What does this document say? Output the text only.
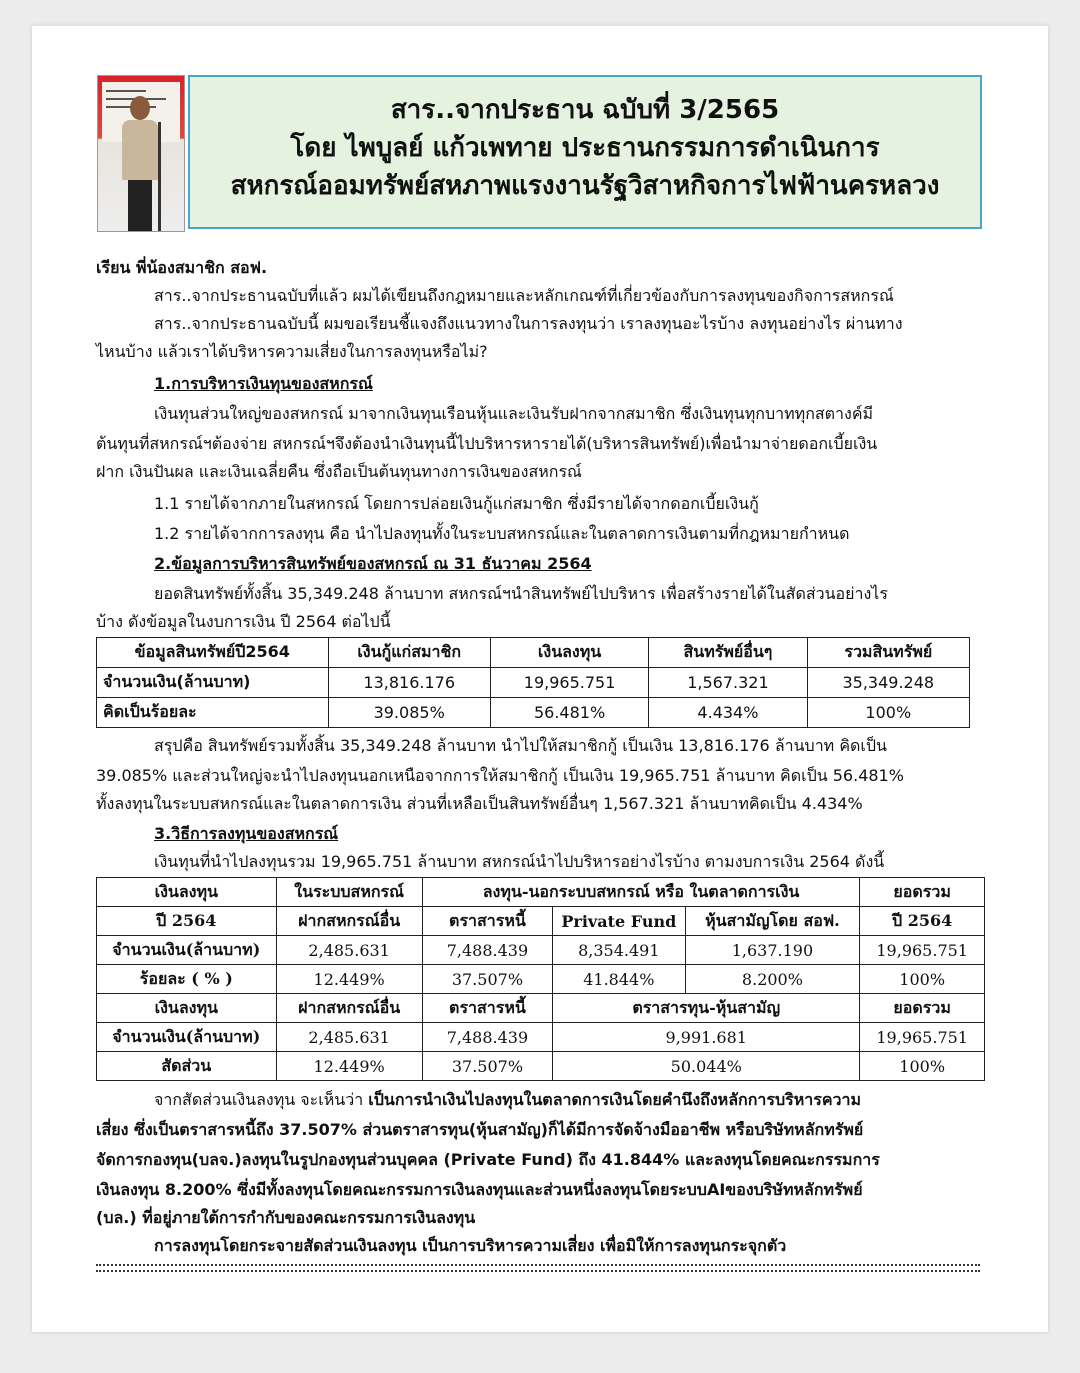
สาร..จากประธาน ฉบับที่ 3/2565
โดย ไพบูลย์ แก้วเพทาย ประธานกรรมการดำเนินการ
สหกรณ์ออมทรัพย์สหภาพแรงงานรัฐวิสาหกิจการไฟฟ้านครหลวง
เรียน พี่น้องสมาชิก สอฟ.
สาร..จากประธานฉบับที่แล้ว ผมได้เขียนถึงกฎหมายและหลักเกณฑ์ที่เกี่ยวข้องกับการลงทุนของกิจการสหกรณ์
สาร..จากประธานฉบับนี้ ผมขอเรียนชี้แจงถึงแนวทางในการลงทุนว่า เราลงทุนอะไรบ้าง ลงทุนอย่างไร ผ่านทาง
ไหนบ้าง แล้วเราได้บริหารความเสี่ยงในการลงทุนหรือไม่?
1.การบริหารเงินทุนของสหกรณ์
เงินทุนส่วนใหญ่ของสหกรณ์ มาจากเงินทุนเรือนหุ้นและเงินรับฝากจากสมาชิก ซึ่งเงินทุนทุกบาททุกสตางค์มี
ต้นทุนที่สหกรณ์ฯต้องจ่าย สหกรณ์ฯจึงต้องนำเงินทุนนี้ไปบริหารหารายได้(บริหารสินทรัพย์)เพื่อนำมาจ่ายดอกเบี้ยเงิน
ฝาก เงินปันผล และเงินเฉลี่ยคืน ซึ่งถือเป็นต้นทุนทางการเงินของสหกรณ์
1.1 รายได้จากภายในสหกรณ์ โดยการปล่อยเงินกู้แก่สมาชิก ซึ่งมีรายได้จากดอกเบี้ยเงินกู้
1.2 รายได้จากการลงทุน คือ นำไปลงทุนทั้งในระบบสหกรณ์และในตลาดการเงินตามที่กฎหมายกำหนด
2.ข้อมูลการบริหารสินทรัพย์ของสหกรณ์ ณ 31 ธันวาคม 2564
ยอดสินทรัพย์ทั้งสิ้น 35,349.248 ล้านบาท สหกรณ์ฯนำสินทรัพย์ไปบริหาร เพื่อสร้างรายได้ในสัดส่วนอย่างไร
บ้าง ดังข้อมูลในงบการเงิน ปี 2564 ต่อไปนี้
ข้อมูลสินทรัพย์ปี2564	เงินกู้แก่สมาชิก	เงินลงทุน	สินทรัพย์อื่นๆ	รวมสินทรัพย์
จำนวนเงิน(ล้านบาท)	13,816.176	19,965.751	1,567.321	35,349.248
คิดเป็นร้อยละ	39.085%	56.481%	4.434%	100%
สรุปคือ สินทรัพย์รวมทั้งสิ้น 35,349.248 ล้านบาท นำไปให้สมาชิกกู้ เป็นเงิน 13,816.176 ล้านบาท คิดเป็น
39.085% และส่วนใหญ่จะนำไปลงทุนนอกเหนือจากการให้สมาชิกกู้ เป็นเงิน 19,965.751 ล้านบาท คิดเป็น 56.481%
ทั้งลงทุนในระบบสหกรณ์และในตลาดการเงิน ส่วนที่เหลือเป็นสินทรัพย์อื่นๆ 1,567.321 ล้านบาทคิดเป็น 4.434%
3.วิธีการลงทุนของสหกรณ์
เงินทุนที่นำไปลงทุนรวม 19,965.751 ล้านบาท สหกรณ์นำไปบริหารอย่างไรบ้าง ตามงบการเงิน 2564 ดังนี้
เงินลงทุน	ในระบบสหกรณ์	ลงทุน-นอกระบบสหกรณ์ หรือ ในตลาดการเงิน			ยอดรวม
ปี 2564	ฝากสหกรณ์อื่น	ตราสารหนี้	Private Fund	หุ้นสามัญโดย สอฟ.	ปี 2564
จำนวนเงิน(ล้านบาท)	2,485.631	7,488.439	8,354.491	1,637.190	19,965.751
ร้อยละ ( % )	12.449%	37.507%	41.844%	8.200%	100%
เงินลงทุน	ฝากสหกรณ์อื่น	ตราสารหนี้	ตราสารทุน-หุ้นสามัญ		ยอดรวม
จำนวนเงิน(ล้านบาท)	2,485.631	7,488.439	9,991.681		19,965.751
สัดส่วน	12.449%	37.507%	50.044%		100%
จากสัดส่วนเงินลงทุน จะเห็นว่า เป็นการนำเงินไปลงทุนในตลาดการเงินโดยคำนึงถึงหลักการบริหารความ
เสี่ยง ซึ่งเป็นตราสารหนี้ถึง 37.507% ส่วนตราสารทุน(หุ้นสามัญ)ก็ได้มีการจัดจ้างมืออาชีพ หรือบริษัทหลักทรัพย์
จัดการกองทุน(บลจ.)ลงทุนในรูปกองทุนส่วนบุคคล (Private Fund) ถึง 41.844% และลงทุนโดยคณะกรรมการ
เงินลงทุน 8.200% ซึ่งมีทั้งลงทุนโดยคณะกรรมการเงินลงทุนและส่วนหนึ่งลงทุนโดยระบบAIของบริษัทหลักทรัพย์
(บล.) ที่อยู่ภายใต้การกำกับของคณะกรรมการเงินลงทุน
การลงทุนโดยกระจายสัดส่วนเงินลงทุน เป็นการบริหารความเสี่ยง เพื่อมิให้การลงทุนกระจุกตัว
